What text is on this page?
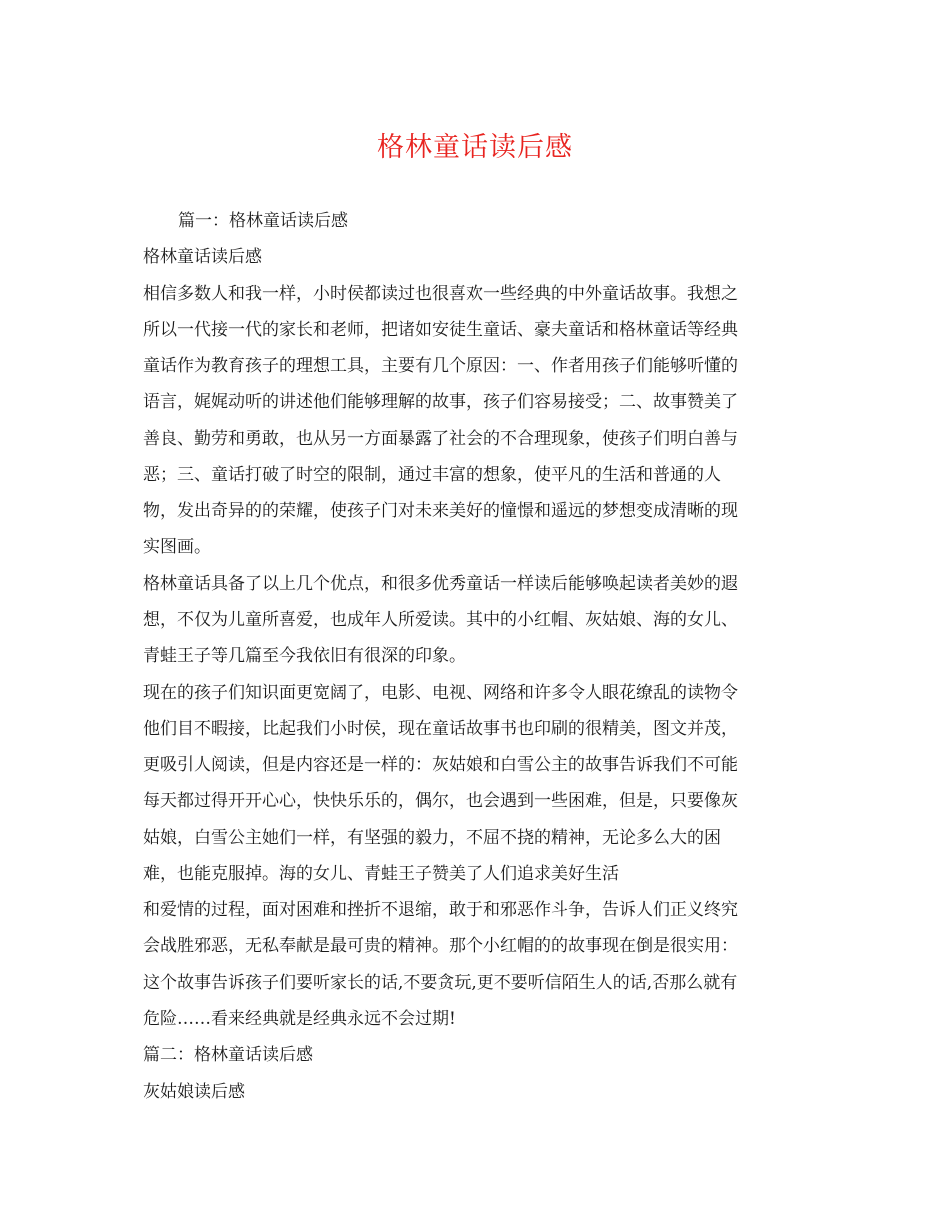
格林童话读后感
篇一：格林童话读后感
格林童话读后感
相信多数人和我一样，小时侯都读过也很喜欢一些经典的中外童话故事。我想之
所以一代接一代的家长和老师，把诸如安徒生童话、豪夫童话和格林童话等经典
童话作为教育孩子的理想工具，主要有几个原因：一、作者用孩子们能够听懂的
语言，娓娓动听的讲述他们能够理解的故事，孩子们容易接受；二、故事赞美了
善良、勤劳和勇敢，也从另一方面暴露了社会的不合理现象，使孩子们明白善与
恶；三、童话打破了时空的限制，通过丰富的想象，使平凡的生活和普通的人
物，发出奇异的的荣耀，使孩子门对未来美好的憧憬和遥远的梦想变成清晰的现
实图画。
格林童话具备了以上几个优点，和很多优秀童话一样读后能够唤起读者美妙的遐
想，不仅为儿童所喜爱，也成年人所爱读。其中的小红帽、灰姑娘、海的女儿、
青蛙王子等几篇至今我依旧有很深的印象。
现在的孩子们知识面更宽阔了，电影、电视、网络和许多令人眼花缭乱的读物令
他们目不暇接，比起我们小时侯，现在童话故事书也印刷的很精美，图文并茂，
更吸引人阅读，但是内容还是一样的：灰姑娘和白雪公主的故事告诉我们不可能
每天都过得开开心心，快快乐乐的，偶尔，也会遇到一些困难，但是，只要像灰
姑娘，白雪公主她们一样，有坚强的毅力，不屈不挠的精神，无论多么大的困
难，也能克服掉。海的女儿、青蛙王子赞美了人们追求美好生活
和爱情的过程，面对困难和挫折不退缩，敢于和邪恶作斗争，告诉人们正义终究
会战胜邪恶，无私奉献是最可贵的精神。那个小红帽的的故事现在倒是很实用：
这个故事告诉孩子们要听家长的话,不要贪玩,更不要听信陌生人的话,否那么就有
危险……看来经典就是经典永远不会过期!
篇二：格林童话读后感
灰姑娘读后感
